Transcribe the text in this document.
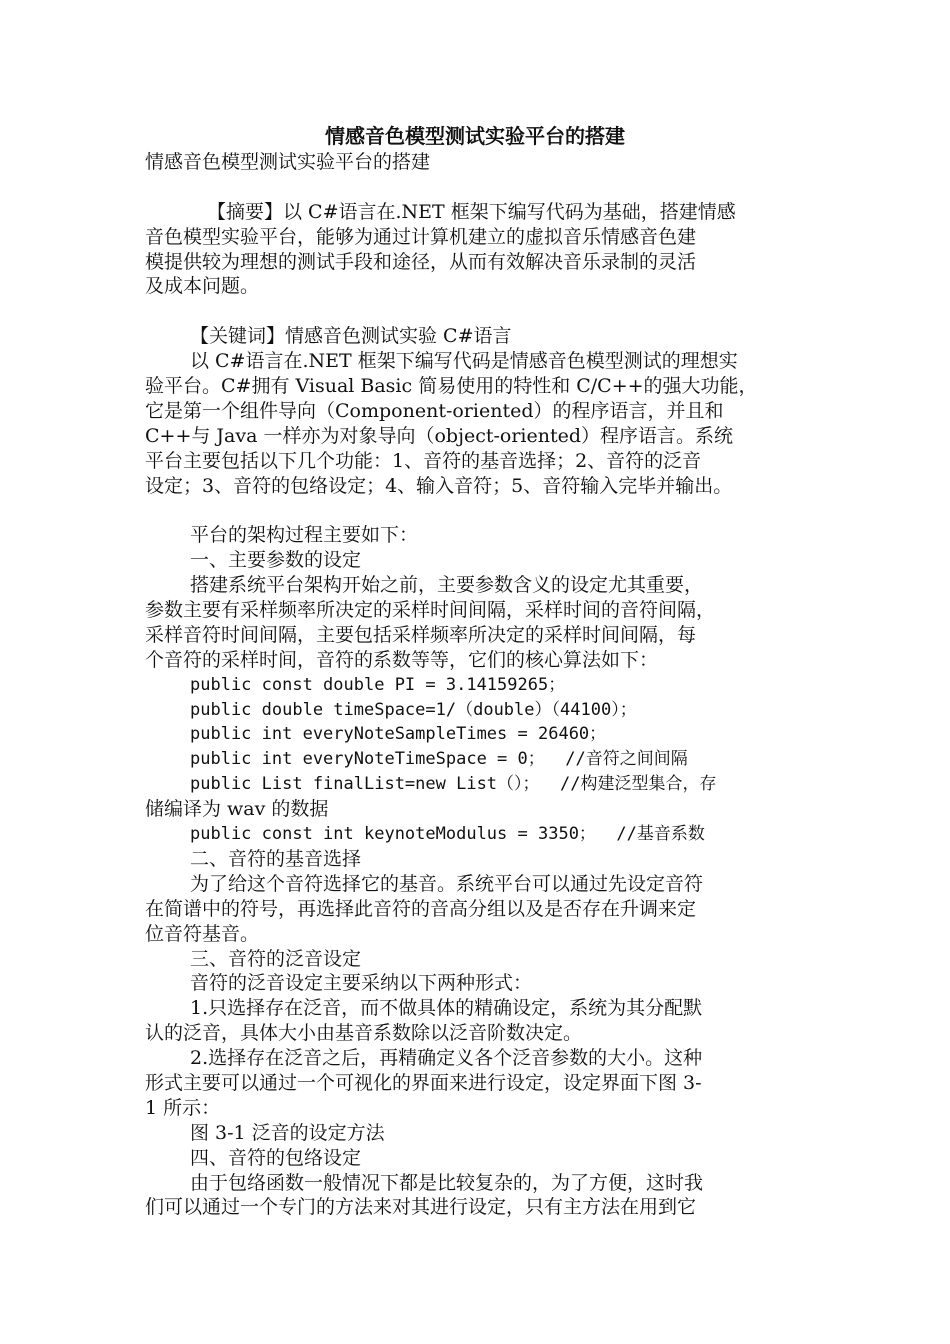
情感音色模型测试实验平台的搭建
情感音色模型测试实验平台的搭建
【摘要】以 C#语言在.NET 框架下编写代码为基础，搭建情感
音色模型实验平台，能够为通过计算机建立的虚拟音乐情感音色建
模提供较为理想的测试手段和途径，从而有效解决音乐录制的灵活
及成本问题。
【关键词】情感音色测试实验 C#语言
以 C#语言在.NET 框架下编写代码是情感音色模型测试的理想实
验平台。C#拥有 Visual Basic 简易使用的特性和 C/C++的强大功能，
它是第一个组件导向（Component-oriented）的程序语言，并且和
C++与 Java 一样亦为对象导向（object-oriented）程序语言。系统
平台主要包括以下几个功能：1、音符的基音选择；2、音符的泛音
设定；3、音符的包络设定；4、输入音符；5、音符输入完毕并输出。
平台的架构过程主要如下：
一、主要参数的设定
搭建系统平台架构开始之前，主要参数含义的设定尤其重要，
参数主要有采样频率所决定的采样时间间隔，采样时间的音符间隔，
采样音符时间间隔，主要包括采样频率所决定的采样时间间隔，每
个音符的采样时间，音符的系数等等，它们的核心算法如下：
public const double PI = 3.14159265；
public double timeSpace=1/（double）（44100）；
public int everyNoteSampleTimes = 26460；
public int everyNoteTimeSpace = 0；  //音符之间间隔
public List finalList=new List（）；  //构建泛型集合，存
储编译为 wav 的数据
public const int keynoteModulus = 3350；  //基音系数
二、音符的基音选择
为了给这个音符选择它的基音。系统平台可以通过先设定音符
在简谱中的符号，再选择此音符的音高分组以及是否存在升调来定
位音符基音。
三、音符的泛音设定
音符的泛音设定主要采纳以下两种形式：
1.只选择存在泛音，而不做具体的精确设定，系统为其分配默
认的泛音，具体大小由基音系数除以泛音阶数决定。
2.选择存在泛音之后，再精确定义各个泛音参数的大小。这种
形式主要可以通过一个可视化的界面来进行设定，设定界面下图 3-
1 所示：
图 3-1 泛音的设定方法
四、音符的包络设定
由于包络函数一般情况下都是比较复杂的，为了方便，这时我
们可以通过一个专门的方法来对其进行设定，只有主方法在用到它
